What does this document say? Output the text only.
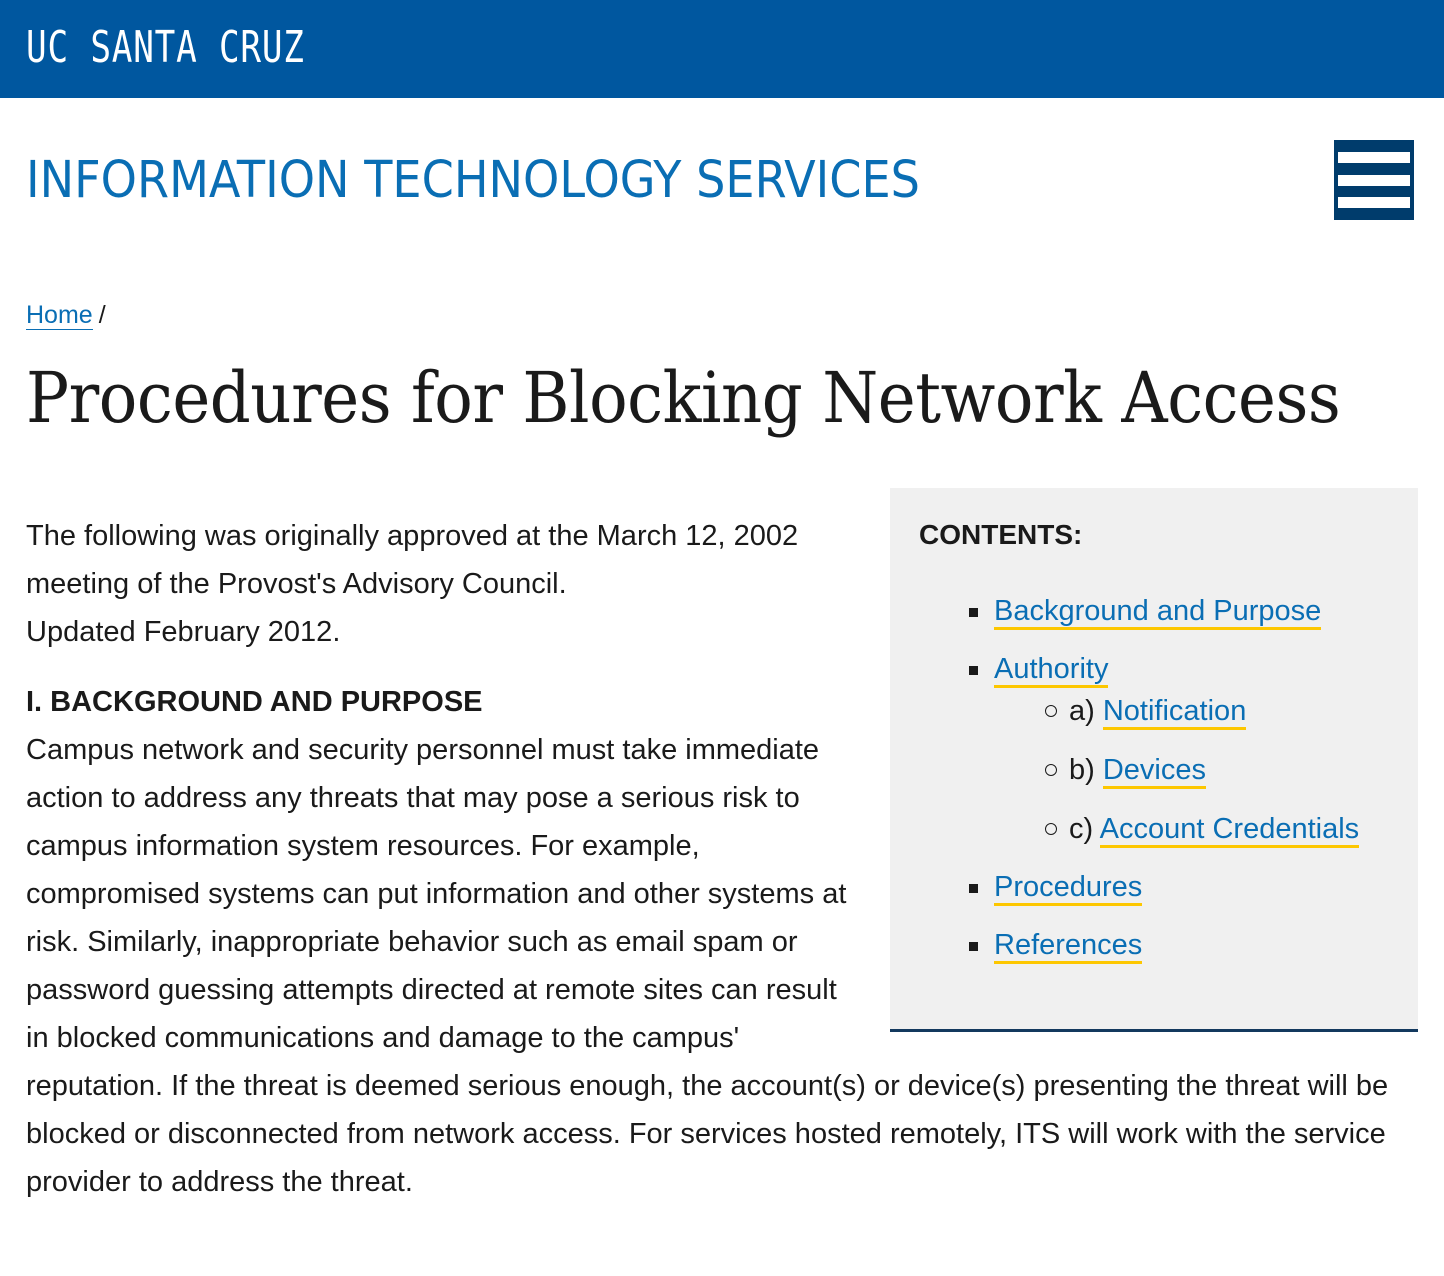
UC SANTA CRUZ
INFORMATION TECHNOLOGY SERVICES
Home /
Procedures for Blocking Network Access

CONTENTS:

Background and Purpose
Authority
a) Notification
b) Devices
c) Account Credentials
Procedures
References

The following was originally approved at the March 12, 2002 meeting of the Provost's Advisory Council.
Updated February 2012.

I. BACKGROUND AND PURPOSE

Campus network and security personnel must take immediate action to address any threats that may pose a serious risk to campus information system resources. For example, compromised systems can put information and other systems at risk. Similarly, inappropriate behavior such as email spam or password guessing attempts directed at remote sites can result in blocked communications and damage to the campus' reputation. If the threat is deemed serious enough, the account(s) or device(s) presenting the threat will be blocked or disconnected from network access. For services hosted remotely, ITS will work with the service provider to address the threat.
